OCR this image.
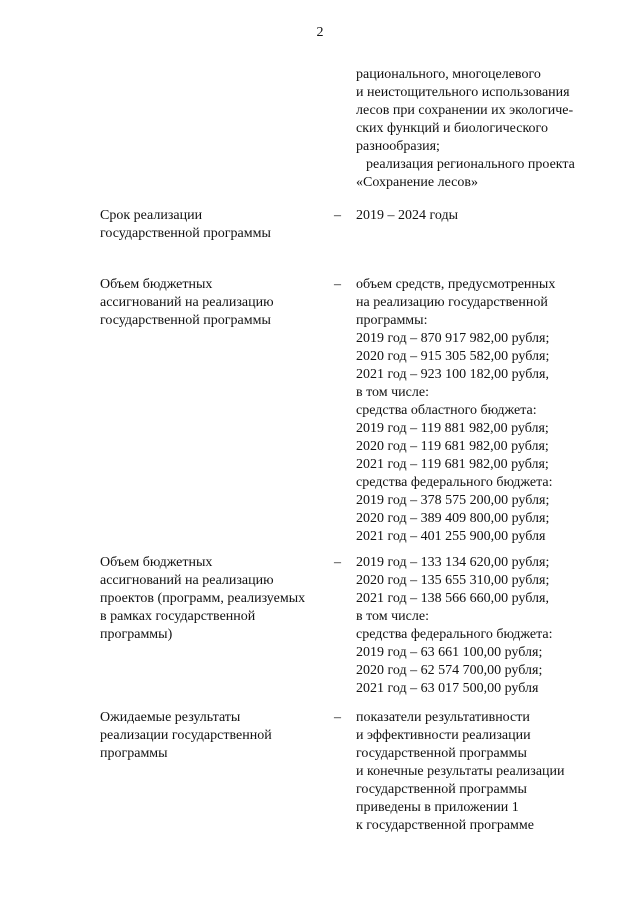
2
рационального, многоцелевого
и неистощительного использования
лесов при сохранении их экологиче-
ских функций и биологического
разнообразия;
реализация регионального проекта
«Сохранение лесов»
Срок реализации
государственной программы
–	2019 – 2024 годы
Объем бюджетных
ассигнований на реализацию
государственной программы
–	объем средств, предусмотренных
на реализацию государственной
программы:
2019 год – 870 917 982,00 рубля;
2020 год – 915 305 582,00 рубля;
2021 год – 923 100 182,00 рубля,
в том числе:
средства областного бюджета:
2019 год – 119 881 982,00 рубля;
2020 год – 119 681 982,00 рубля;
2021 год – 119 681 982,00 рубля;
средства федерального бюджета:
2019 год – 378 575 200,00 рубля;
2020 год – 389 409 800,00 рубля;
2021 год – 401 255 900,00 рубля
Объем бюджетных
ассигнований на реализацию
проектов (программ, реализуемых
в рамках государственной
программы)
–	2019 год – 133 134 620,00 рубля;
2020 год – 135 655 310,00 рубля;
2021 год – 138 566 660,00 рубля,
в том числе:
средства федерального бюджета:
2019 год – 63 661 100,00 рубля;
2020 год – 62 574 700,00 рубля;
2021 год – 63 017 500,00 рубля
Ожидаемые результаты
реализации государственной
программы
–	показатели результативности
и эффективности реализации
государственной программы
и конечные результаты реализации
государственной программы
приведены в приложении 1
к государственной программе
